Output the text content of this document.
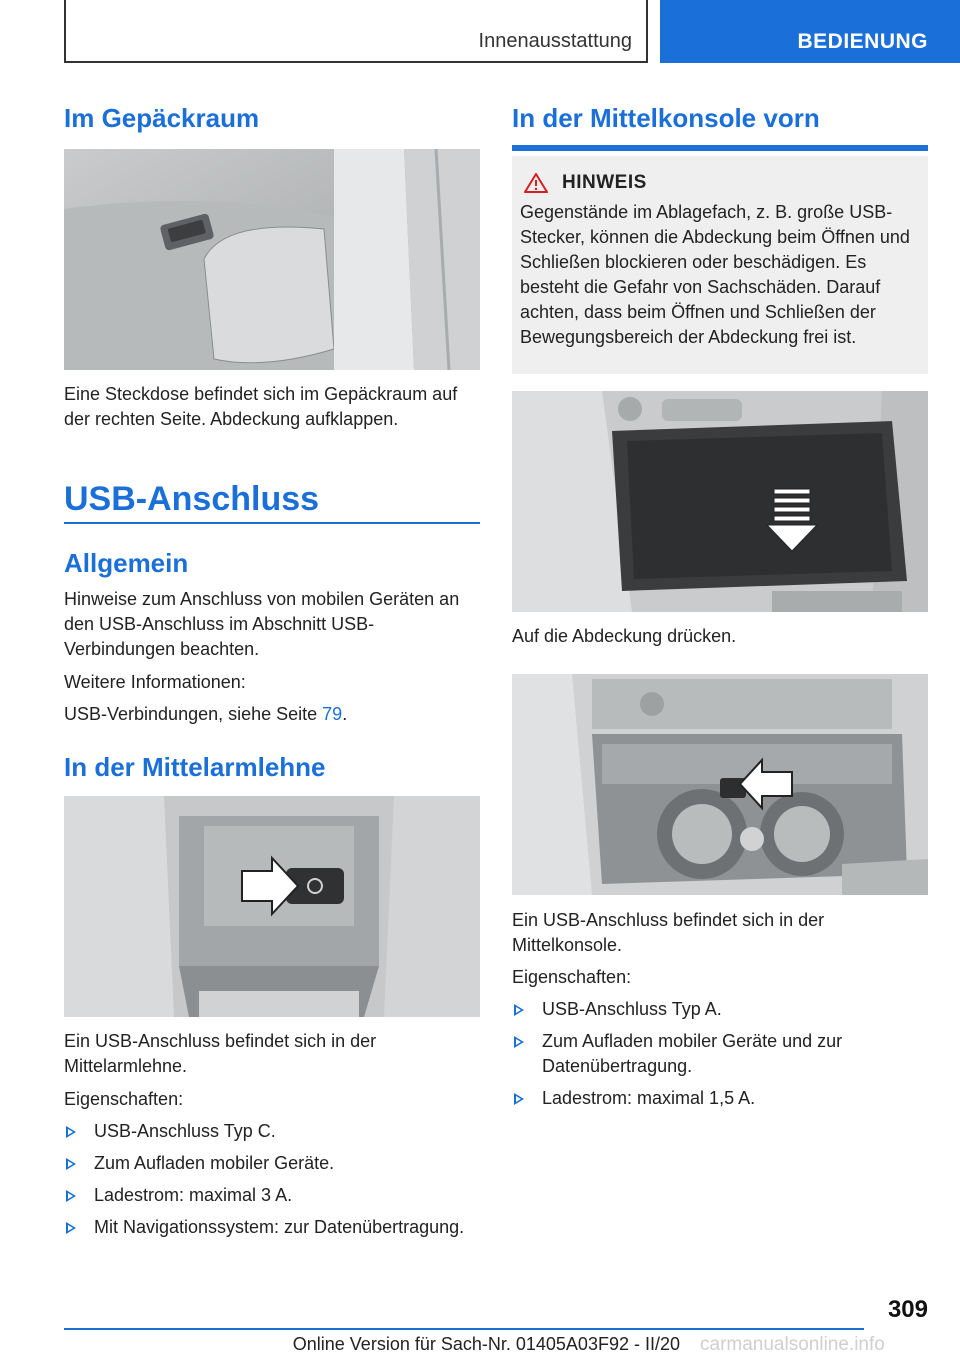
Innenausstattung	BEDIENUNG
Im Gepäckraum

Eine Steckdose befindet sich im Gepäckraum auf der rechten Seite. Abdeckung aufklappen.

USB-Anschluss
Allgemein

Hinweise zum Anschluss von mobilen Geräten an den USB-Anschluss im Abschnitt USB-Verbindungen beachten.

Weitere Informationen:

USB-Verbindungen, siehe Seite 79.

In der Mittelarmlehne

Ein USB-Anschluss befindet sich in der Mittelarmlehne.

Eigenschaften:

USB-Anschluss Typ C.
Zum Aufladen mobiler Geräte.
Ladestrom: maximal 3 A.
Mit Navigationssystem: zur Datenübertragung.
In der Mittelkonsole vorn
HINWEIS
Gegenstände im Ablagefach, z. B. große USB-Stecker, können die Abdeckung beim Öffnen und Schließen blockieren oder beschädigen. Es besteht die Gefahr von Sachschäden. Darauf achten, dass beim Öffnen und Schließen der Bewegungsbereich der Abdeckung frei ist.

Auf die Abdeckung drücken.

Ein USB-Anschluss befindet sich in der Mittelkonsole.

Eigenschaften:

USB-Anschluss Typ A.
Zum Aufladen mobiler Geräte und zur Datenübertragung.
Ladestrom: maximal 1,5 A.
309
Online Version für Sach-Nr. 01405A03F92 - II/20 carmanualsonline.info
